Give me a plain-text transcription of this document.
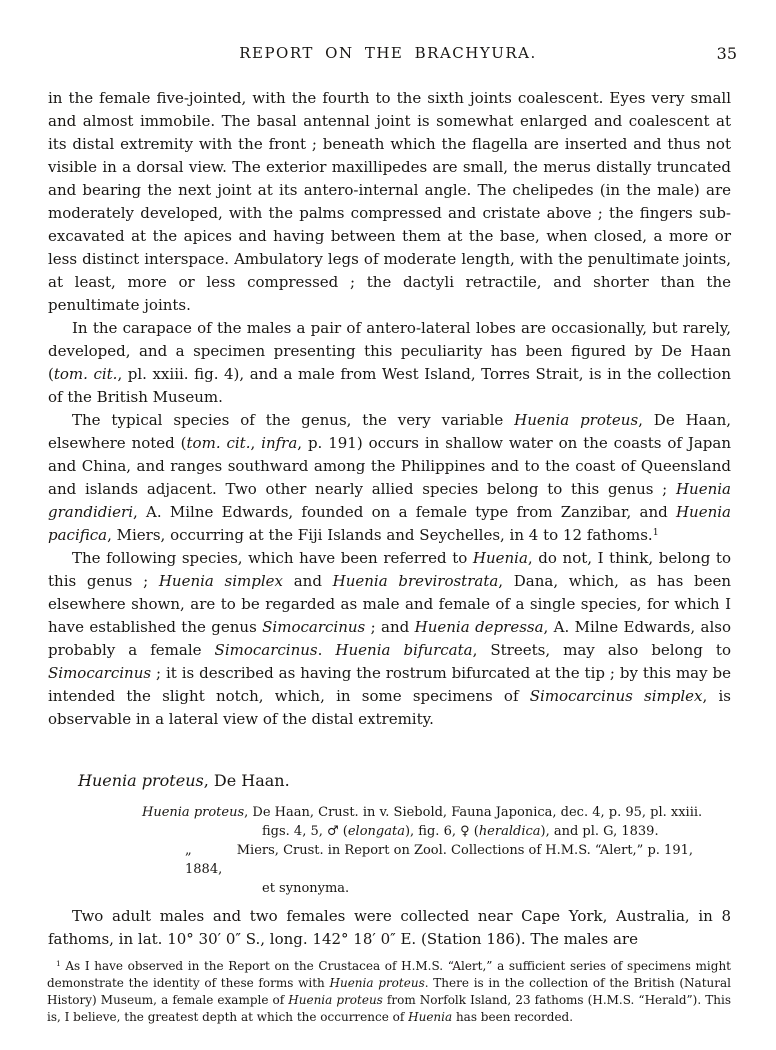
REPORT ON THE BRACHYURA.	35

in the female five-jointed, with the fourth to the sixth joints coalescent. Eyes very small and almost immobile. The basal antennal joint is somewhat enlarged and coalescent at its distal extremity with the front ; beneath which the flagella are inserted and thus not visible in a dorsal view. The exterior maxillipedes are small, the merus distally truncated and bearing the next joint at its antero-internal angle. The chelipedes (in the male) are moderately developed, with the palms compressed and cristate above ; the fingers sub-excavated at the apices and having between them at the base, when closed, a more or less distinct interspace. Ambulatory legs of moderate length, with the penultimate joints, at least, more or less compressed ; the dactyli retractile, and shorter than the penultimate joints.

In the carapace of the males a pair of antero-lateral lobes are occasionally, but rarely, developed, and a specimen presenting this peculiarity has been figured by De Haan (tom. cit., pl. xxiii. fig. 4), and a male from West Island, Torres Strait, is in the collection of the British Museum.

The typical species of the genus, the very variable Huenia proteus, De Haan, elsewhere noted (tom. cit., infra, p. 191) occurs in shallow water on the coasts of Japan and China, and ranges southward among the Philippines and to the coast of Queensland and islands adjacent. Two other nearly allied species belong to this genus ; Huenia grandidieri, A. Milne Edwards, founded on a female type from Zanzibar, and Huenia pacifica, Miers, occurring at the Fiji Islands and Seychelles, in 4 to 12 fathoms.$^1$

The following species, which have been referred to Huenia, do not, I think, belong to this genus ; Huenia simplex and Huenia brevirostrata, Dana, which, as has been elsewhere shown, are to be regarded as male and female of a single species, for which I have established the genus Simocarcinus ; and Huenia depressa, A. Milne Edwards, also probably a female Simocarcinus. Huenia bifurcata, Streets, may also belong to Simocarcinus ; it is described as having the rostrum bifurcated at the tip ; by this may be intended the slight notch, which, in some specimens of Simocarcinus simplex, is observable in a lateral view of the distal extremity.

Huenia proteus, De Haan.

Huenia proteus, De Haan, Crust. in v. Siebold, Fauna Japonica, dec. 4, p. 95, pl. xxiii.

figs. 4, 5, ♂ (elongata), fig. 6, ♀ (heraldica), and pl. G, 1839.

„	Miers, Crust. in Report on Zool. Collections of H.M.S. “Alert,” p. 191, 1884,

et synonyma.

Two adult males and two females were collected near Cape York, Australia, in 8 fathoms, in lat. 10° 30′ 0″ S., long. 142° 18′ 0″ E. (Station 186). The males are

$^1$ As I have observed in the Report on the Crustacea of H.M.S. “Alert,” a sufficient series of specimens might demonstrate the identity of these forms with Huenia proteus. There is in the collection of the British (Natural History) Museum, a female example of Huenia proteus from Norfolk Island, 23 fathoms (H.M.S. “Herald”). This is, I believe, the greatest depth at which the occurrence of Huenia has been recorded.
